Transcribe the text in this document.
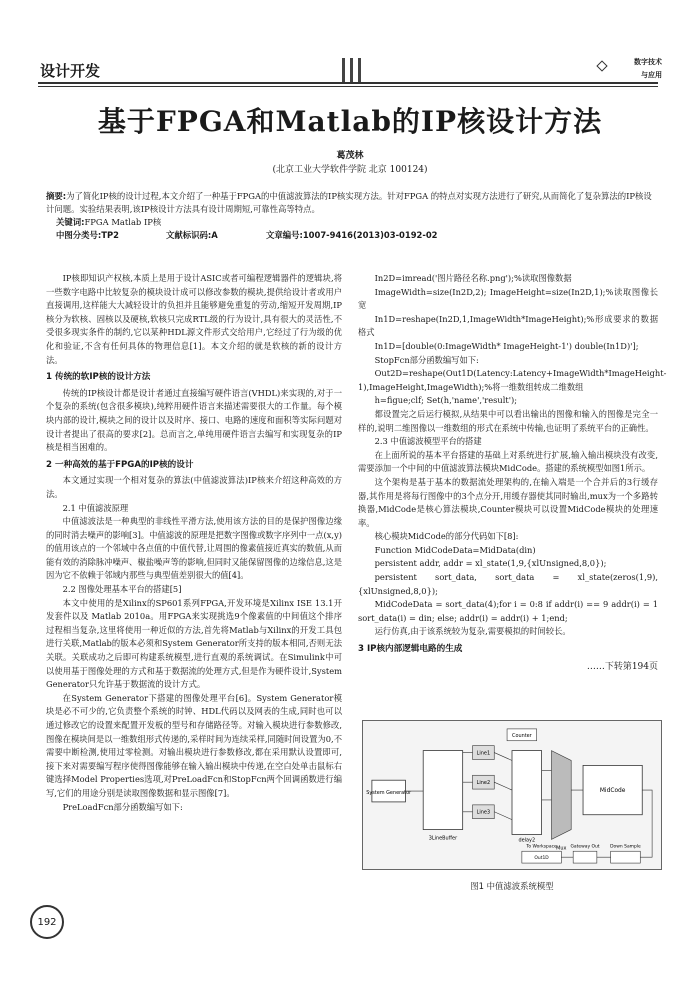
设计开发	数字技术
与应用
基于FPGA和Matlab的IP核设计方法
葛茂林
(北京工业大学软件学院 北京 100124)
摘要:为了简化IP核的设计过程,本文介绍了一种基于FPGA的中值滤波算法的IP核实现方法。针对FPGA 的特点对实现方法进行了研究,从而简化了复杂算法的IP核设计问题。实验结果表明,该IP核设计方法具有设计周期短,可靠性高等特点。
关键词:FPGA Matlab IP核
中图分类号:TP2	文献标识码:A	文章编号:1007-9416(2013)03-0192-02

IP核即知识产权核,本质上是用于设计ASIC或者可编程逻辑器件的逻辑块,将一些数字电路中比较复杂的模块设计成可以修改参数的模块,提供给设计者或用户直接调用,这样能大大减轻设计的负担并且能够避免重复的劳动,缩短开发周期,IP核分为软核、固核以及硬核,软核只完成RTL级的行为设计,具有很大的灵活性,不受很多现实条件的制约,它以某种HDL源文件形式交给用户,它经过了行为级的优化和验证,不含有任何具体的物理信息[1]。本文介绍的就是软核的新的设计方法。

1 传统的软IP核的设计方法

传统的IP核设计都是设计者通过直接编写硬件语言(VHDL)来实现的,对于一个复杂的系统(包含很多模块),纯粹用硬件语言来描述需要很大的工作量。每个模块内部的设计,模块之间的设计以及时序、接口、电路的速度和面积等实际问题对设计者提出了很高的要求[2]。总而言之,单纯用硬件语言去编写和实现复杂的IP核是相当困难的。

2 一种高效的基于FPGA的IP核的设计

本文通过实现一个相对复杂的算法(中值滤波算法)IP核来介绍这种高效的方法。

2.1 中值滤波原理

中值滤波法是一种典型的非线性平滑方法,使用该方法的目的是保护图像边缘的同时消去噪声的影响[3]。中值滤波的原理是把数字图像或数字序列中一点(x,y)的值用该点的一个邻域中各点值的中值代替,让周围的像素值接近真实的数值,从而能有效的消除脉冲噪声、椒盐噪声等的影响,但同时又能保留图像的边缘信息,这是因为它不依赖于邻域内那些与典型值差别很大的值[4]。

2.2 图像处理基本平台的搭建[5]

本文中使用的是Xilinx的SP601系列FPGA,开发环境是Xilinx ISE 13.1开发套件以及 Matlab 2010a。用FPGA来实现挑选9个像素值的中间值这个排序过程相当复杂,这里将使用一种近似的方法,首先将Matlab与Xilinx的开发工具包进行关联,Matlab的版本必须和System Generator所支持的版本相同,否则无法关联。关联成功之后即可构建系统模型,进行直观的系统调试。在Simulink中可以使用基于图像处理的方式和基于数据流的处理方式,但是作为硬件设计,System Generator只允许基于数据流的设计方式。

在System Generator下搭建的图像处理平台[6]。System Generator模块是必不可少的,它负责整个系统的时钟、HDL代码以及网表的生成,同时也可以通过修改它的设置来配置开发板的型号和存储路径等。对输入模块进行参数修改,图像在模块间是以一维数组形式传递的,采样时间为连续采样,同随时间设置为0,不需要中断检测,使用过零检测。对输出模块进行参数修改,都在采用默认设置即可,接下来对需要编写程序使得图像能够在输入输出模块中传递,在空白处单击鼠标右键选择Model Properties选项,对PreLoadFcn和StopFcn两个回调函数进行编写,它们的用途分别是读取图像数据和显示图像[7]。

PreLoadFcn部分函数编写如下:

In2D=imread('图片路径名称.png');%读取图像数据

ImageWidth=size(In2D,2); ImageHeight=size(In2D,1);%读取图像长宽

In1D=reshape(In2D,1,ImageWidth*ImageHeight);%形成要求的数据格式

In1D=[double(0:ImageWidth* ImageHeight-1') double(In1D)'];

StopFcn部分函数编写如下:

Out2D=reshape(Out1D(Latency:Latency+ImageWidth*ImageHeight-1),ImageHeight,ImageWidth);%将一维数组转成二维数组

h=figue;clf; Set(h,'name','result');

都设置完之后运行模拟,从结果中可以看出输出的图像和输入的图像是完全一样的,说明二维图像以一维数组的形式在系统中传输,也证明了系统平台的正确性。

2.3 中值滤波模型平台的搭建

在上面所说的基本平台搭建的基础上对系统进行扩展,输入输出模块没有改变,需要添加一个中间的中值滤波算法模块MidCode。搭建的系统模型如图1所示。

这个架构是基于基本的数据流处理架构的,在输入端是一个合并后的3行缓存器,其作用是将每行图像中的3个点分开,用缓存器使其同时输出,mux为一个多路转换器,MidCode是核心算法模块,Counter模块可以设置MidCode模块的处理速率。

核心模块MidCode的部分代码如下[8]:

Function MidCodeData=MidData(din)

persistent addr, addr = xl_state(1,9,{xlUnsigned,8,0});

persistent sort_data, sort_data = xl_state(zeros(1,9),{xlUnsigned,8,0});

MidCodeData = sort_data(4);for i = 0:8 if addr(i) == 9 addr(i) = 1 sort_data(i) = din; else; addr(i) = addr(i) + 1;end;

运行仿真,由于该系统较为复杂,需要模拟的时间较长。

3 IP核内部逻辑电路的生成

……下转第194页
System Generator
3LineBuffer
Line1
Line2
Line3
Counter
delay2
Mux
MidCode
To Workspace
Out1D
Gateway Out Down Sample
图1 中值滤波系统模型
192
